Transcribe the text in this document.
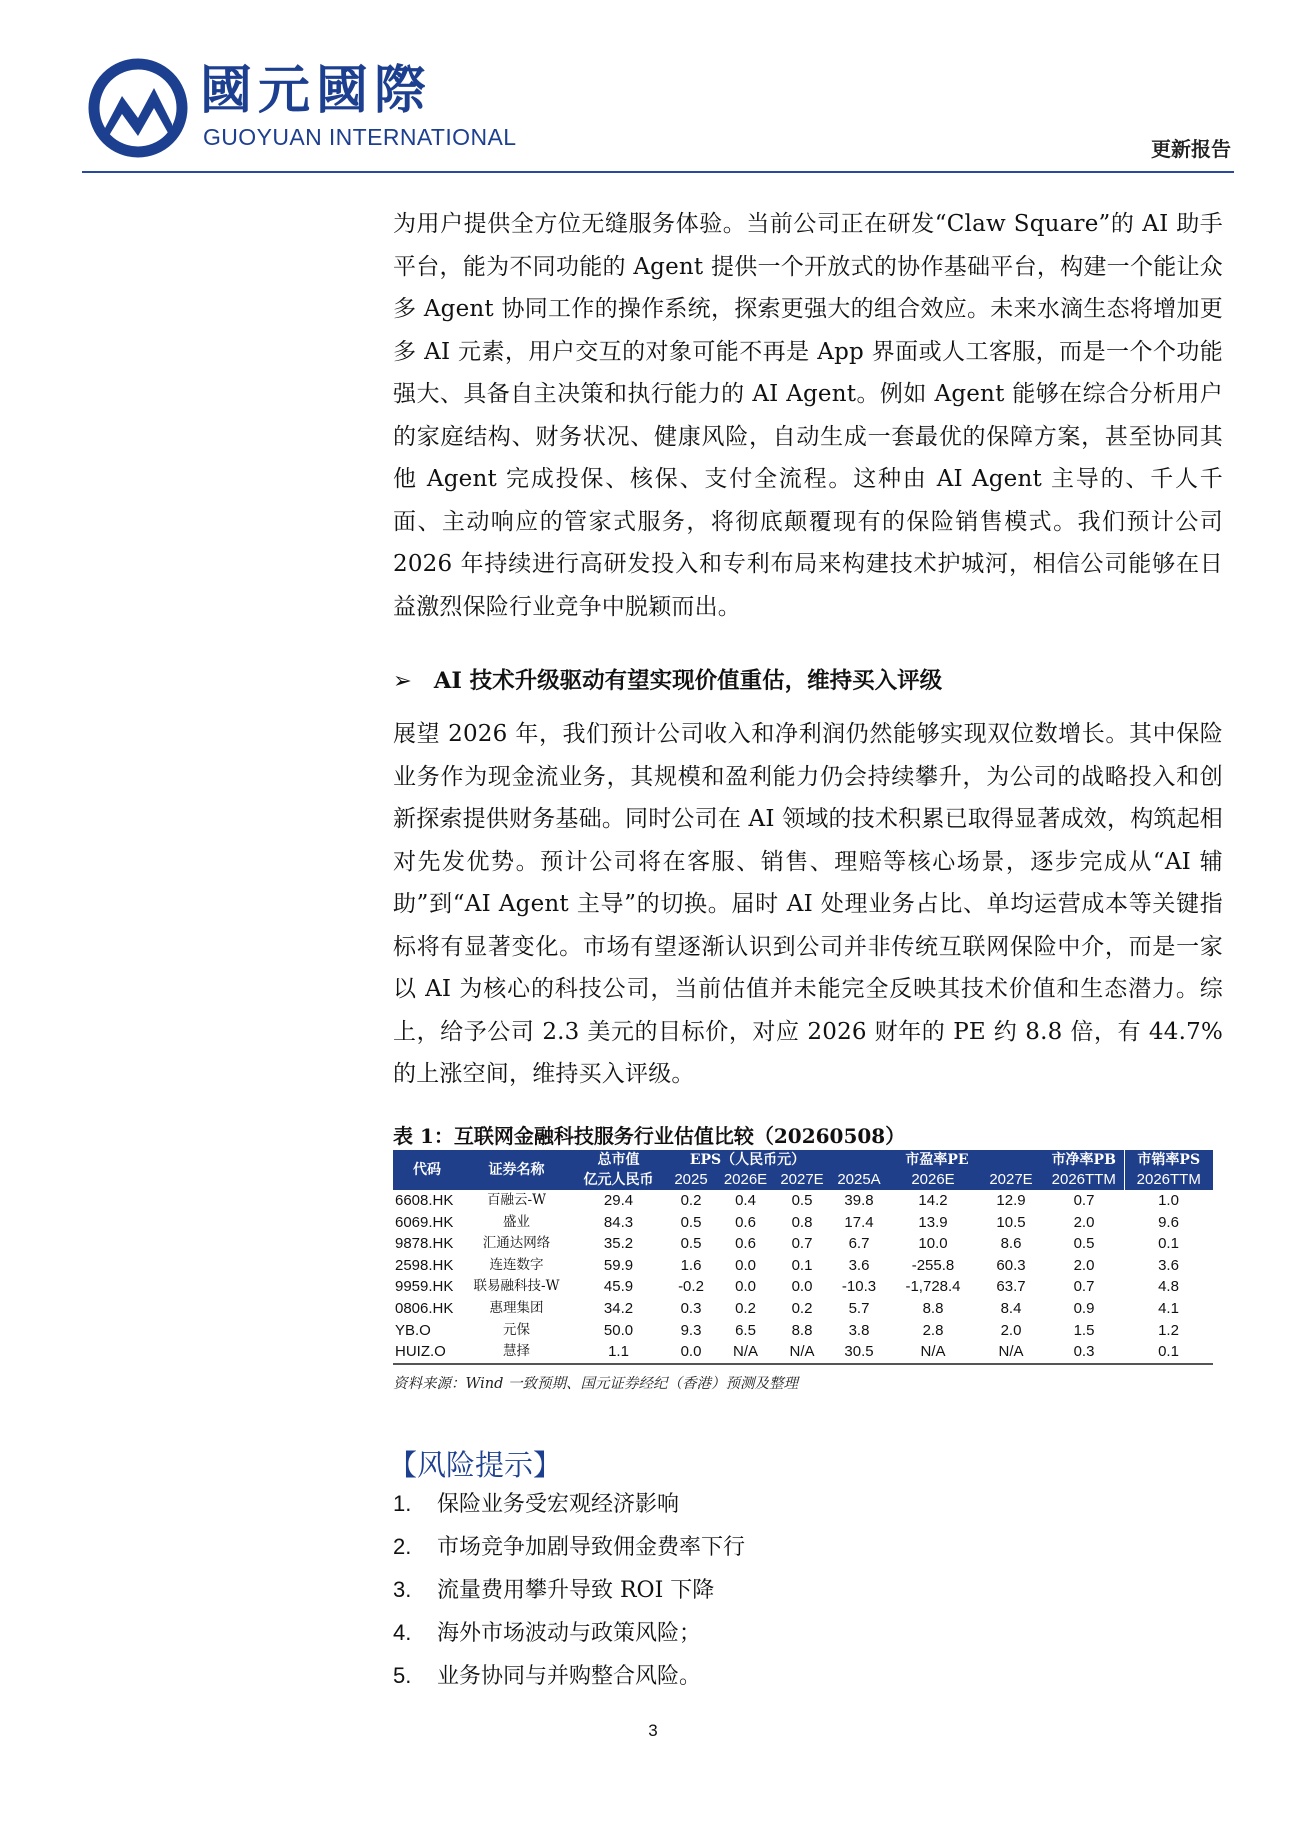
國元國際
GUOYUAN INTERNATIONAL	更新报告
为用户提供全方位无缝服务体验。当前公司正在研发“Claw Square”的 AI 助手平台，能为不同功能的 Agent 提供一个开放式的协作基础平台，构建一个能让众多 Agent 协同工作的操作系统，探索更强大的组合效应。未来水滴生态将增加更多 AI 元素，用户交互的对象可能不再是 App 界面或人工客服，而是一个个功能强大、具备自主决策和执行能力的 AI Agent。例如 Agent 能够在综合分析用户的家庭结构、财务状况、健康风险，自动生成一套最优的保障方案，甚至协同其他 Agent 完成投保、核保、支付全流程。这种由 AI Agent 主导的、千人千面、主动响应的管家式服务，将彻底颠覆现有的保险销售模式。我们预计公司 2026 年持续进行高研发投入和专利布局来构建技术护城河，相信公司能够在日益激烈保险行业竞争中脱颖而出。
➢ AI 技术升级驱动有望实现价值重估，维持买入评级
展望 2026 年，我们预计公司收入和净利润仍然能够实现双位数增长。其中保险业务作为现金流业务，其规模和盈利能力仍会持续攀升，为公司的战略投入和创新探索提供财务基础。同时公司在 AI 领域的技术积累已取得显著成效，构筑起相对先发优势。预计公司将在客服、销售、理赔等核心场景，逐步完成从“AI 辅助”到“AI Agent 主导”的切换。届时 AI 处理业务占比、单均运营成本等关键指标将有显著变化。市场有望逐渐认识到公司并非传统互联网保险中介，而是一家以 AI 为核心的科技公司，当前估值并未能完全反映其技术价值和生态潜力。综上，给予公司 2.3 美元的目标价，对应 2026 财年的 PE 约 8.8 倍，有 44.7%的上涨空间，维持买入评级。
表 1：互联网金融科技服务行业估值比较（20260508）
代码	证券名称	总市值	EPS（人民币元）			市盈率PE			市净率PB	市销率PS
		亿元人民币	2025	2026E	2027E	2025A	2026E	2027E	2026TTM	2026TTM
6608.HK	百融云-W	29.4	0.2	0.4	0.5	39.8	14.2	12.9	0.7	1.0
6069.HK	盛业	84.3	0.5	0.6	0.8	17.4	13.9	10.5	2.0	9.6
9878.HK	汇通达网络	35.2	0.5	0.6	0.7	6.7	10.0	8.6	0.5	0.1
2598.HK	连连数字	59.9	1.6	0.0	0.1	3.6	-255.8	60.3	2.0	3.6
9959.HK	联易融科技-W	45.9	-0.2	0.0	0.0	-10.3	-1,728.4	63.7	0.7	4.8
0806.HK	惠理集团	34.2	0.3	0.2	0.2	5.7	8.8	8.4	0.9	4.1
YB.O	元保	50.0	9.3	6.5	8.8	3.8	2.8	2.0	1.5	1.2
HUIZ.O	慧择	1.1	0.0	N/A	N/A	30.5	N/A	N/A	0.3	0.1
资料来源：Wind 一致预期、国元证券经纪（香港）预测及整理
【风险提示】
1. 保险业务受宏观经济影响
2. 市场竞争加剧导致佣金费率下行
3. 流量费用攀升导致 ROI 下降
4. 海外市场波动与政策风险；
5. 业务协同与并购整合风险。
3
